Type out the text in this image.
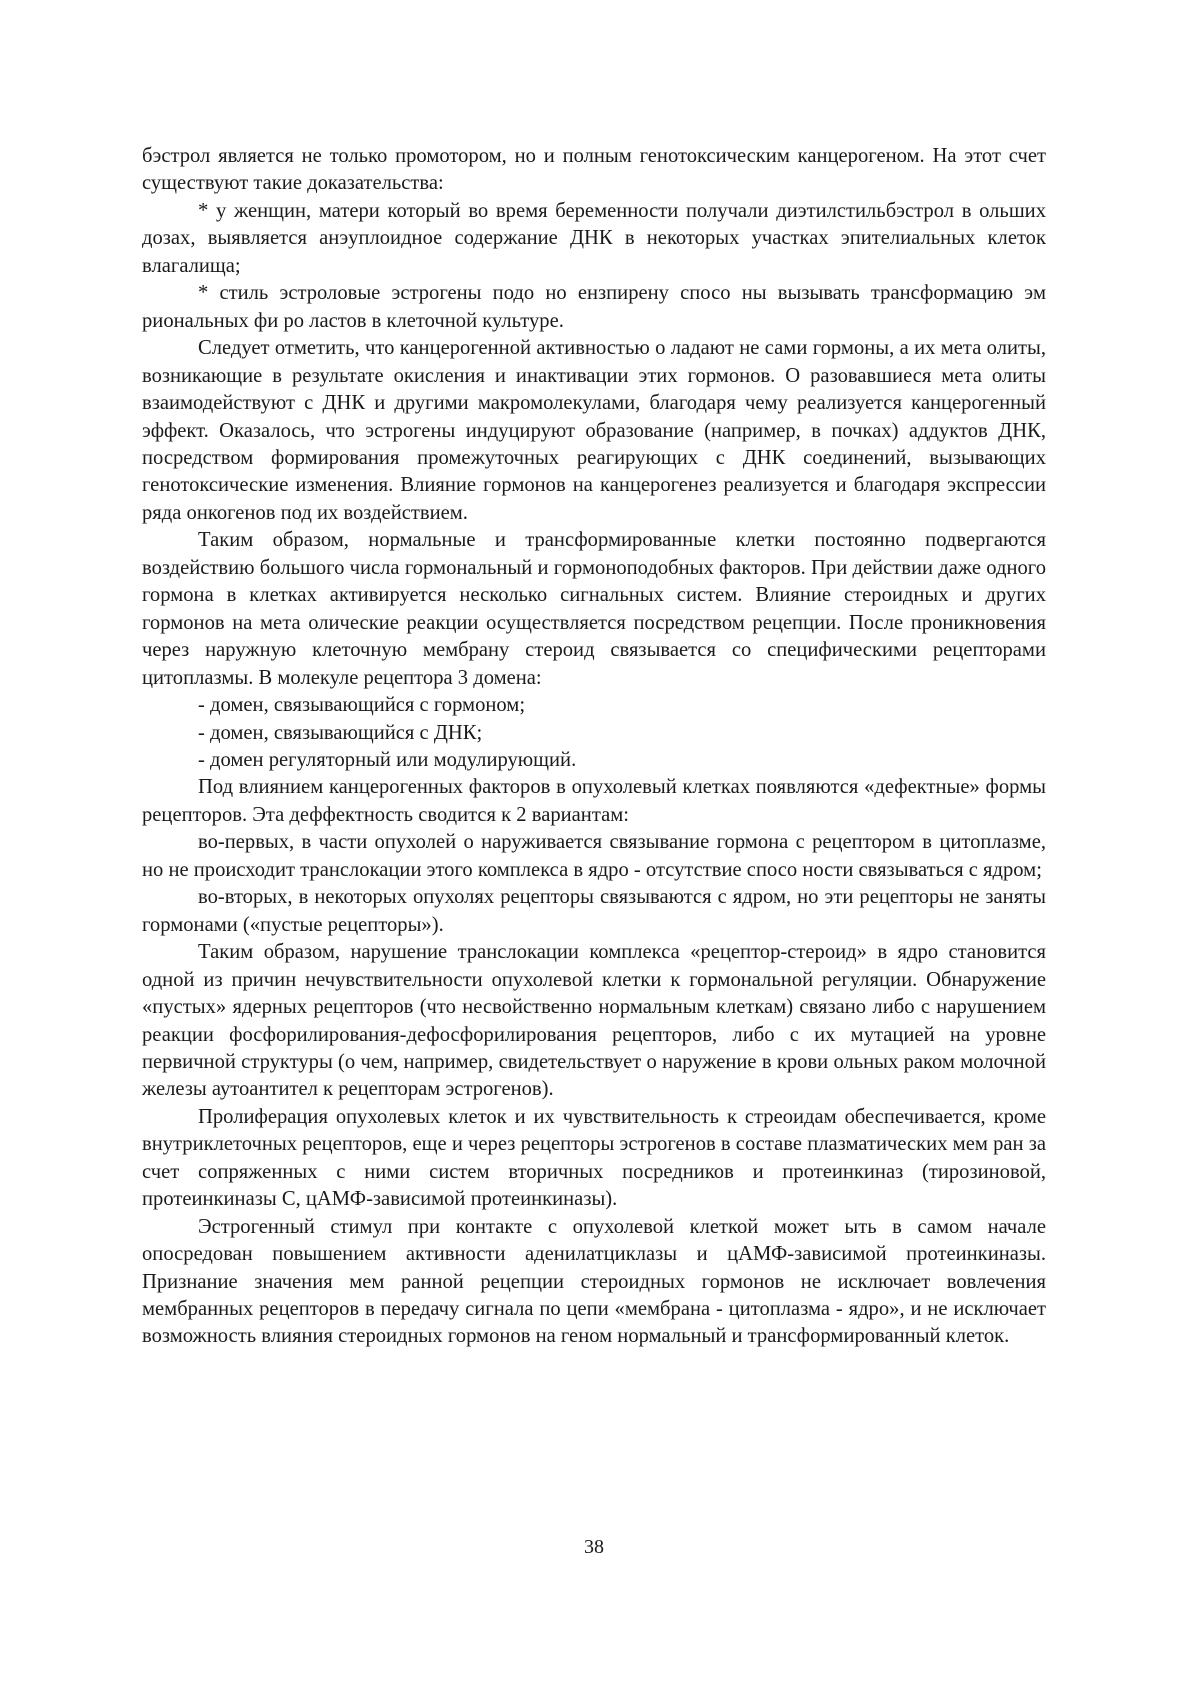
бэстрол является не только промотором, но и полным генотоксическим канцерогеном. На этот счет существуют такие доказательства:

* у женщин, матери который во время беременности получали диэтилстильбэстрол в ольших дозах, выявляется анэуплоидное содержание ДНК в некоторых участках эпителиальных клеток влагалища;

* стиль эстроловые эстрогены подо но ензпирену спосо ны вызывать трансформацию эм риональных фи ро ластов в клеточной культуре.

Следует отметить, что канцерогенной активностью о ладают не сами гормоны, а их мета олиты, возникающие в результате окисления и инактивации этих гормонов. О разовавшиеся мета олиты взаимодействуют с ДНК и другими макромолекулами, благодаря чему реализуется канцерогенный эффект. Оказалось, что эстрогены индуцируют образование (например, в почках) аддуктов ДНК, посредством формирования промежуточных реагирующих с ДНК соединений, вызывающих генотоксические изменения. Влияние гормонов на канцерогенез реализуется и благодаря экспрессии ряда онкогенов под их воздействием.

Таким образом, нормальные и трансформированные клетки постоянно подвергаются воздействию большого числа гормональный и гормоноподобных факторов. При действии даже одного гормона в клетках активируется несколько сигнальных систем. Влияние стероидных и других гормонов на мета олические реакции осуществляется посредством рецепции. После проникновения через наружную клеточную мембрану стероид связывается со специфическими рецепторами цитоплазмы. В молекуле рецептора 3 домена:

- домен, связывающийся с гормоном;

- домен, связывающийся с ДНК;

- домен регуляторный или модулирующий.

Под влиянием канцерогенных факторов в опухолевый клетках появляются «дефектные» формы рецепторов. Эта деффектность сводится к 2 вариантам:

во-первых, в части опухолей о наруживается связывание гормона с рецептором в цитоплазме, но не происходит транслокации этого комплекса в ядро - отсутствие спосо ности связываться с ядром;

во-вторых, в некоторых опухолях рецепторы связываются с ядром, но эти рецепторы не заняты гормонами («пустые рецепторы»).

Таким образом, нарушение транслокации комплекса «рецептор-стероид» в ядро становится одной из причин нечувствительности опухолевой клетки к гормональной регуляции. Обнаружение «пустых» ядерных рецепторов (что несвойственно нормальным клеткам) связано либо с нарушением реакции фосфорилирования-дефосфорилирования рецепторов, либо с их мутацией на уровне первичной структуры (о чем, например, свидетельствует о наружение в крови ольных раком молочной железы аутоантител к рецепторам эстрогенов).

Пролиферация опухолевых клеток и их чувствительность к стреоидам обеспечивается, кроме внутриклеточных рецепторов, еще и через рецепторы эстрогенов в составе плазматических мем ран за счет сопряженных с ними систем вторичных посредников и протеинкиназ (тирозиновой, протеинкиназы С, цАМФ-зависимой протеинкиназы).

Эстрогенный стимул при контакте с опухолевой клеткой может ыть в самом начале опосредован повышением активности аденилатциклазы и цАМФ-зависимой протеинкиназы. Признание значения мем ранной рецепции стероидных гормонов не исключает вовлечения мембранных рецепторов в передачу сигнала по цепи «мембрана - цитоплазма - ядро», и не исключает возможность влияния стероидных гормонов на геном нормальный и трансформированный клеток.

38
